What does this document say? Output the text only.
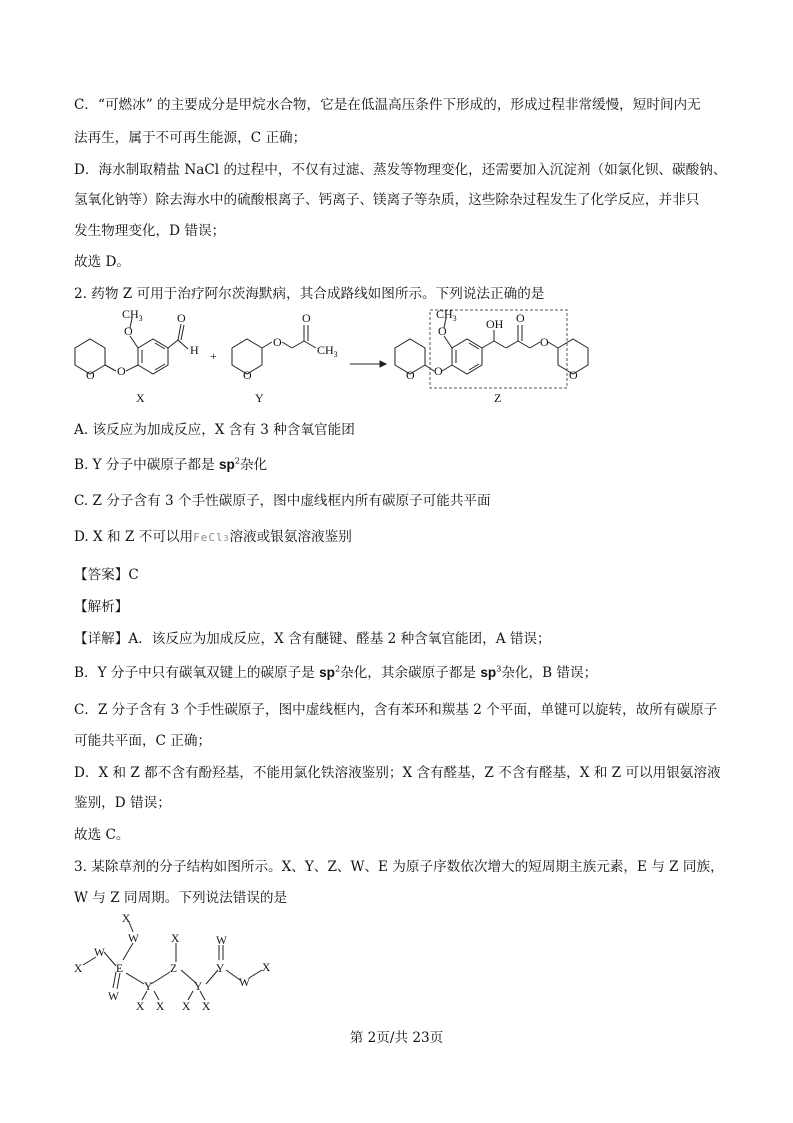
C．“可燃冰” 的主要成分是甲烷水合物，它是在低温高压条件下形成的，形成过程非常缓慢，短时间内无
法再生，属于不可再生能源，C 正确；
D．海水制取精盐 NaCl 的过程中，不仅有过滤、蒸发等物理变化，还需要加入沉淀剂（如氯化钡、碳酸钠、
氢氧化钠等）除去海水中的硫酸根离子、钙离子、镁离子等杂质，这些除杂过程发生了化学反应，并非只
发生物理变化，D 错误；
故选 D。
2. 药物 Z 可用于治疗阿尔茨海默病，其合成路线如图所示。下列说法正确的是
O O
O
$CH_3$	O
H +
O
O
O
$CH_3$
O O
O
$CH_3$ OH O
O
O
X	Y	Z
A. 该反应为加成反应，X 含有 3 种含氧官能团
B. Y 分子中碳原子都是 $sp^2$杂化
C. Z 分子含有 3 个手性碳原子，图中虚线框内所有碳原子可能共平面
D. X 和 Z 不可以用FeCl3溶液或银氨溶液鉴别
【答案】C
【解析】
【详解】A．该反应为加成反应，X 含有醚键、醛基 2 种含氧官能团，A 错误；
B．Y 分子中只有碳氧双键上的碳原子是 $sp^2$杂化，其余碳原子都是 $sp^3$杂化，B 错误；
C．Z 分子含有 3 个手性碳原子，图中虚线框内，含有苯环和羰基 2 个平面，单键可以旋转，故所有碳原子
可能共平面，C 正确；
D．X 和 Z 都不含有酚羟基，不能用氯化铁溶液鉴别；X 含有醛基，Z 不含有醛基，X 和 Z 可以用银氨溶液
鉴别，D 错误；
故选 C。
3. 某除草剂的分子结构如图所示。X、Y、Z、W、E 为原子序数依次增大的短周期主族元素，E 与 Z 同族，
W 与 Z 同周期。下列说法错误的是
X
W
W
X	E
W
Y
X X
X
Z
Y
X X
W
Y
W
X
第 2页/共 23页
